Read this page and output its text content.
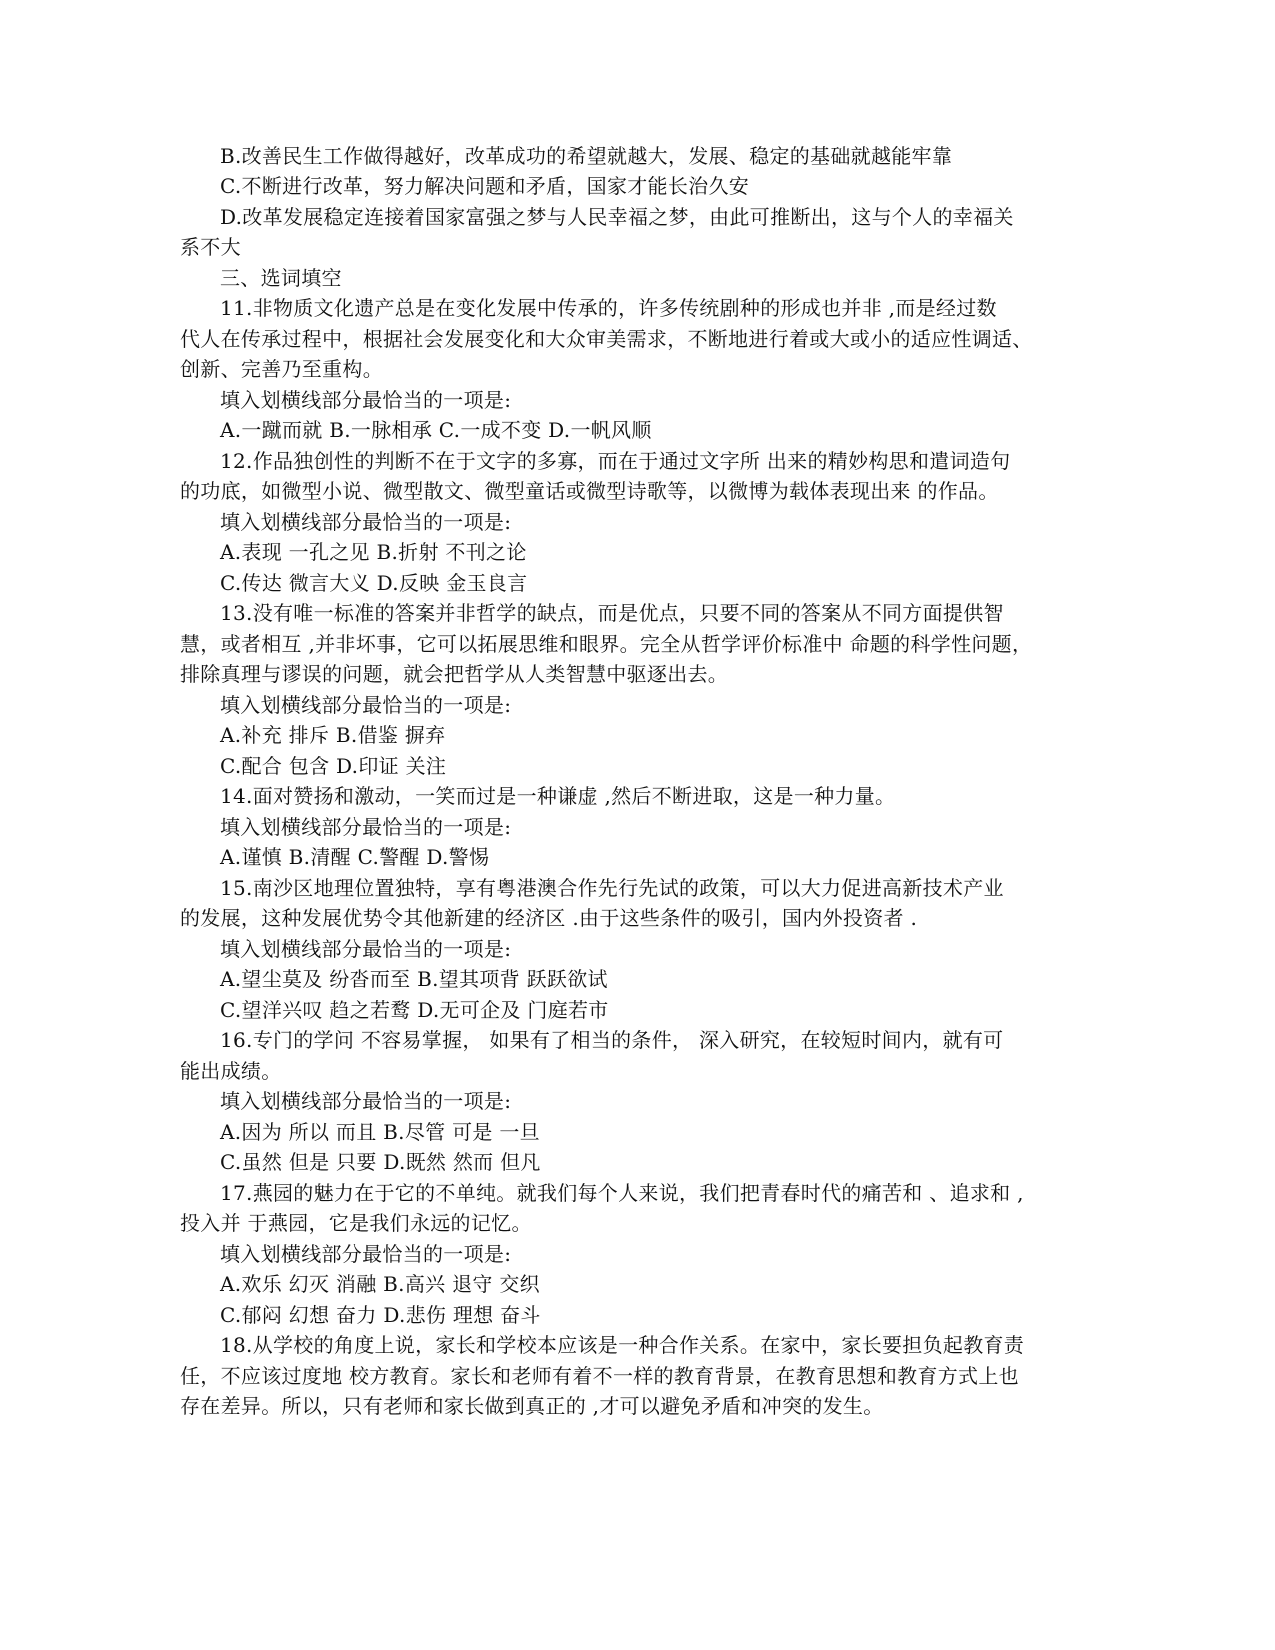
B.改善民生工作做得越好，改革成功的希望就越大，发展、稳定的基础就越能牢靠
C.不断进行改革，努力解决问题和矛盾，国家才能长治久安
D.改革发展稳定连接着国家富强之梦与人民幸福之梦，由此可推断出，这与个人的幸福关
系不大
三、选词填空
11.非物质文化遗产总是在变化发展中传承的，许多传统剧种的形成也并非 ,而是经过数
代人在传承过程中，根据社会发展变化和大众审美需求，不断地进行着或大或小的适应性调适、
创新、完善乃至重构。
填入划横线部分最恰当的一项是:
A.一蹴而就 B.一脉相承 C.一成不变 D.一帆风顺
12.作品独创性的判断不在于文字的多寡，而在于通过文字所 出来的精妙构思和遣词造句
的功底，如微型小说、微型散文、微型童话或微型诗歌等，以微博为载体表现出来 的作品。
填入划横线部分最恰当的一项是:
A.表现 一孔之见 B.折射 不刊之论
C.传达 微言大义 D.反映 金玉良言
13.没有唯一标准的答案并非哲学的缺点，而是优点，只要不同的答案从不同方面提供智
慧，或者相互 ,并非坏事，它可以拓展思维和眼界。完全从哲学评价标准中 命题的科学性问题，
排除真理与谬误的问题，就会把哲学从人类智慧中驱逐出去。
填入划横线部分最恰当的一项是:
A.补充 排斥 B.借鉴 摒弃
C.配合 包含 D.印证 关注
14.面对赞扬和激动，一笑而过是一种谦虚 ,然后不断进取，这是一种力量。
填入划横线部分最恰当的一项是:
A.谨慎 B.清醒 C.警醒 D.警惕
15.南沙区地理位置独特，享有粤港澳合作先行先试的政策，可以大力促进高新技术产业
的发展，这种发展优势令其他新建的经济区 .由于这些条件的吸引，国内外投资者 .
填入划横线部分最恰当的一项是:
A.望尘莫及 纷沓而至 B.望其项背 跃跃欲试
C.望洋兴叹 趋之若鹜 D.无可企及 门庭若市
16.专门的学问 不容易掌握， 如果有了相当的条件， 深入研究，在较短时间内，就有可
能出成绩。
填入划横线部分最恰当的一项是:
A.因为 所以 而且 B.尽管 可是 一旦
C.虽然 但是 只要 D.既然 然而 但凡
17.燕园的魅力在于它的不单纯。就我们每个人来说，我们把青春时代的痛苦和 、追求和 ,
投入并 于燕园，它是我们永远的记忆。
填入划横线部分最恰当的一项是:
A.欢乐 幻灭 消融 B.高兴 退守 交织
C.郁闷 幻想 奋力 D.悲伤 理想 奋斗
18.从学校的角度上说，家长和学校本应该是一种合作关系。在家中，家长要担负起教育责
任，不应该过度地 校方教育。家长和老师有着不一样的教育背景，在教育思想和教育方式上也
存在差异。所以，只有老师和家长做到真正的 ,才可以避免矛盾和冲突的发生。
